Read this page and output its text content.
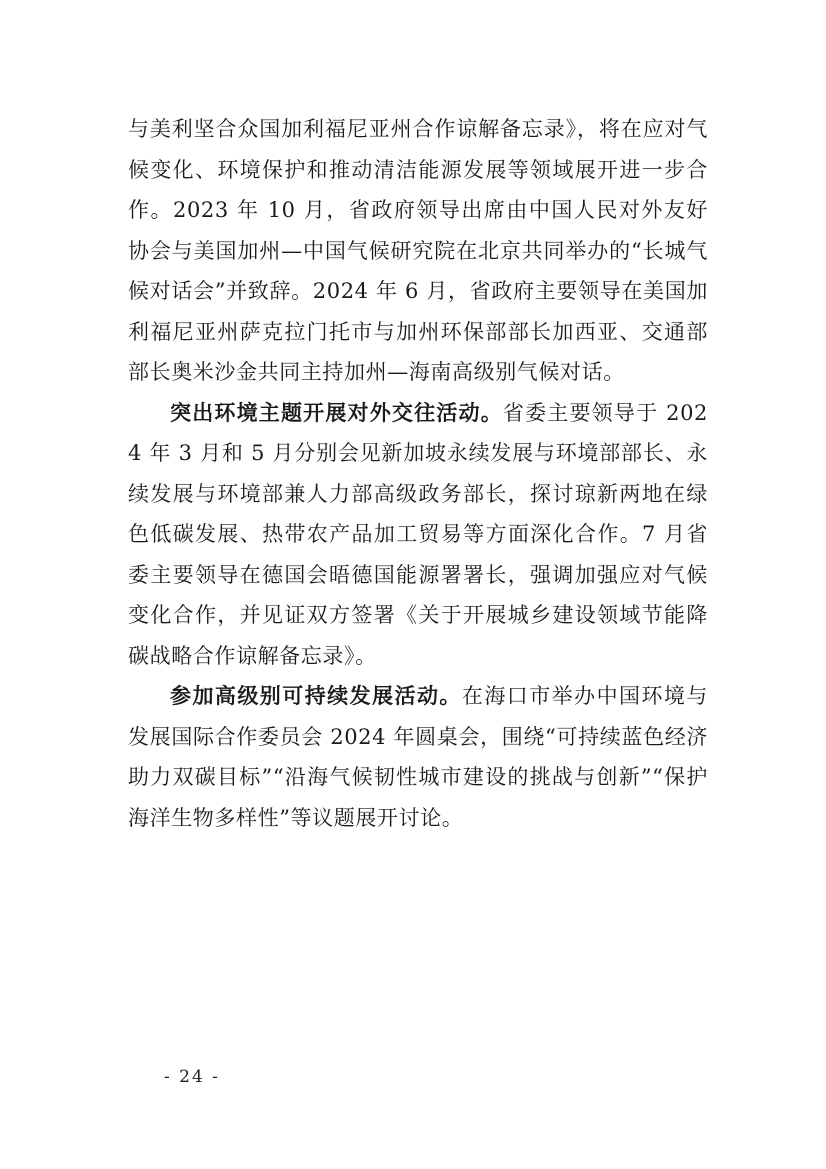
与美利坚合众国加利福尼亚州合作谅解备忘录》，将在应对气候变化、环境保护和推动清洁能源发展等领域展开进一步合作。2023 年 10 月，省政府领导出席由中国人民对外友好协会与美国加州—中国气候研究院在北京共同举办的“长城气候对话会”并致辞。2024 年 6 月，省政府主要领导在美国加利福尼亚州萨克拉门托市与加州环保部部长加西亚、交通部部长奥米沙金共同主持加州—海南高级别气候对话。

突出环境主题开展对外交往活动。省委主要领导于 2024 年 3 月和 5 月分别会见新加坡永续发展与环境部部长、永续发展与环境部兼人力部高级政务部长，探讨琼新两地在绿色低碳发展、热带农产品加工贸易等方面深化合作。7 月省委主要领导在德国会晤德国能源署署长，强调加强应对气候变化合作，并见证双方签署《关于开展城乡建设领域节能降碳战略合作谅解备忘录》。

参加高级别可持续发展活动。在海口市举办中国环境与发展国际合作委员会 2024 年圆桌会，围绕“可持续蓝色经济助力双碳目标”“沿海气候韧性城市建设的挑战与创新”“保护海洋生物多样性”等议题展开讨论。

- 24 -
